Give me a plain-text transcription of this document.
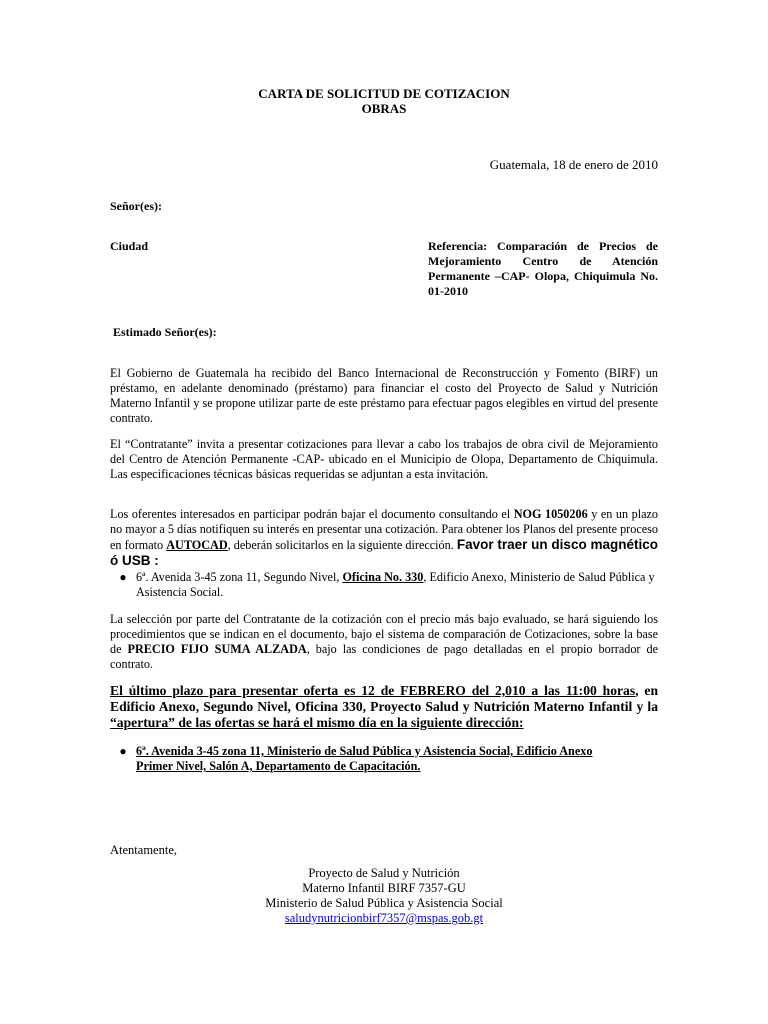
CARTA DE SOLICITUD DE COTIZACION
OBRAS
Guatemala, 18 de enero de 2010
Señor(es):
Ciudad	Referencia: Comparación de Precios de Mejoramiento Centro de Atención Permanente –CAP- Olopa, Chiquimula No. 01-2010
Estimado Señor(es):
El Gobierno de Guatemala ha recibido del Banco Internacional de Reconstrucción y Fomento (BIRF) un préstamo, en adelante denominado (préstamo) para financiar el costo del Proyecto de Salud y Nutrición Materno Infantil y se propone utilizar parte de este préstamo para efectuar pagos elegibles en virtud del presente contrato.
El “Contratante” invita a presentar cotizaciones para llevar a cabo los trabajos de obra civil de Mejoramiento del Centro de Atención Permanente -CAP- ubicado en el Municipio de Olopa, Departamento de Chiquimula. Las especificaciones técnicas básicas requeridas se adjuntan a esta invitación.
Los oferentes interesados en participar podrán bajar el documento consultando el NOG 1050206 y en un plazo no mayor a 5 días notifiquen su interés en presentar una cotización. Para obtener los Planos del presente proceso en formato AUTOCAD, deberán solicitarlos en la siguiente dirección. Favor traer un disco magnético ó USB :
● 6ª. Avenida 3-45 zona 11, Segundo Nivel, Oficina No. 330, Edificio Anexo, Ministerio de Salud Pública y Asistencia Social.
La selección por parte del Contratante de la cotización con el precio más bajo evaluado, se hará siguiendo los procedimientos que se indican en el documento, bajo el sistema de comparación de Cotizaciones, sobre la base de PRECIO FIJO SUMA ALZADA, bajo las condiciones de pago detalladas en el propio borrador de contrato.
El último plazo para presentar oferta es 12 de FEBRERO del 2,010 a las 11:00 horas, en Edificio Anexo, Segundo Nivel, Oficina 330, Proyecto Salud y Nutrición Materno Infantil y la “apertura” de las ofertas se hará el mismo día en la siguiente dirección:
● 6ª. Avenida 3-45 zona 11, Ministerio de Salud Pública y Asistencia Social, Edificio Anexo Primer Nivel, Salón A, Departamento de Capacitación.
Atentamente,
Proyecto de Salud y Nutrición
Materno Infantil BIRF 7357-GU
Ministerio de Salud Pública y Asistencia Social
saludynutricionbirf7357@mspas.gob.gt
